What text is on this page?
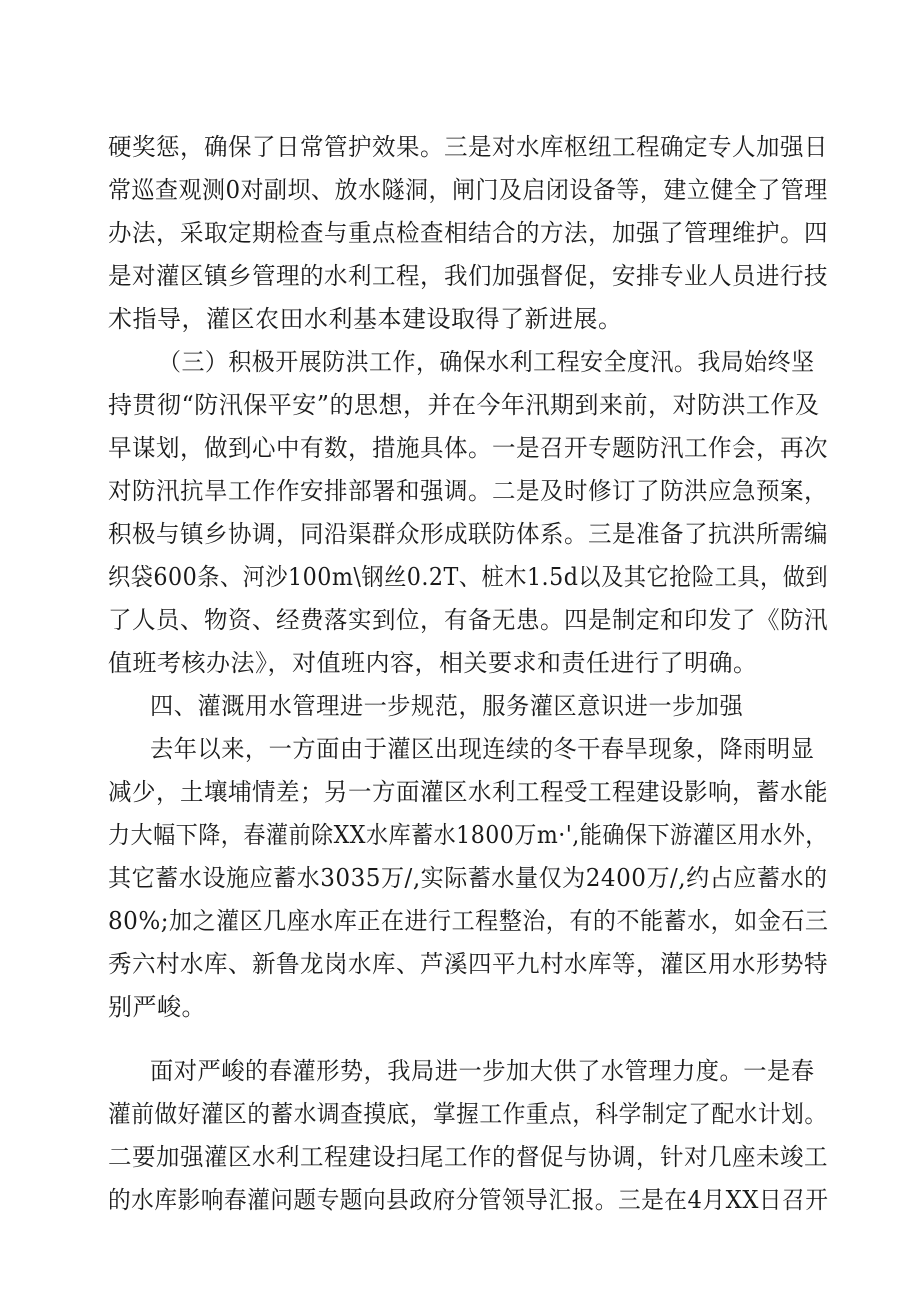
硬奖惩，确保了日常管护效果。三是对水库枢纽工程确定专人加强日
常巡查观测0对副坝、放水隧洞，闸门及启闭设备等，建立健全了管理
办法，采取定期检查与重点检查相结合的方法，加强了管理维护。四
是对灌区镇乡管理的水利工程，我们加强督促，安排专业人员进行技
术指导，灌区农田水利基本建设取得了新进展。
（三）积极开展防洪工作，确保水利工程安全度汛。我局始终坚
持贯彻“防汛保平安”的思想，并在今年汛期到来前，对防洪工作及
早谋划，做到心中有数，措施具体。一是召开专题防汛工作会，再次
对防汛抗旱工作作安排部署和强调。二是及时修订了防洪应急预案，
积极与镇乡协调，同沿渠群众形成联防体系。三是准备了抗洪所需编
织袋600条、河沙100m\钢丝0.2T、桩木1.5d以及其它抢险工具，做到
了人员、物资、经费落实到位，有备无患。四是制定和印发了《防汛
值班考核办法》，对值班内容，相关要求和责任进行了明确。
四、灌溉用水管理进一步规范，服务灌区意识进一步加强
去年以来，一方面由于灌区出现连续的冬干春旱现象，降雨明显
减少，土壤埔情差；另一方面灌区水利工程受工程建设影响，蓄水能
力大幅下降，春灌前除XX水库蓄水1800万m·',能确保下游灌区用水外，
其它蓄水设施应蓄水3035万/,实际蓄水量仅为2400万/,约占应蓄水的
80%;加之灌区几座水库正在进行工程整治，有的不能蓄水，如金石三
秀六村水库、新鲁龙岗水库、芦溪四平九村水库等，灌区用水形势特
别严峻。
面对严峻的春灌形势，我局进一步加大供了水管理力度。一是春
灌前做好灌区的蓄水调查摸底，掌握工作重点，科学制定了配水计划。
二要加强灌区水利工程建设扫尾工作的督促与协调，针对几座未竣工
的水库影响春灌问题专题向县政府分管领导汇报。三是在4月XX日召开
